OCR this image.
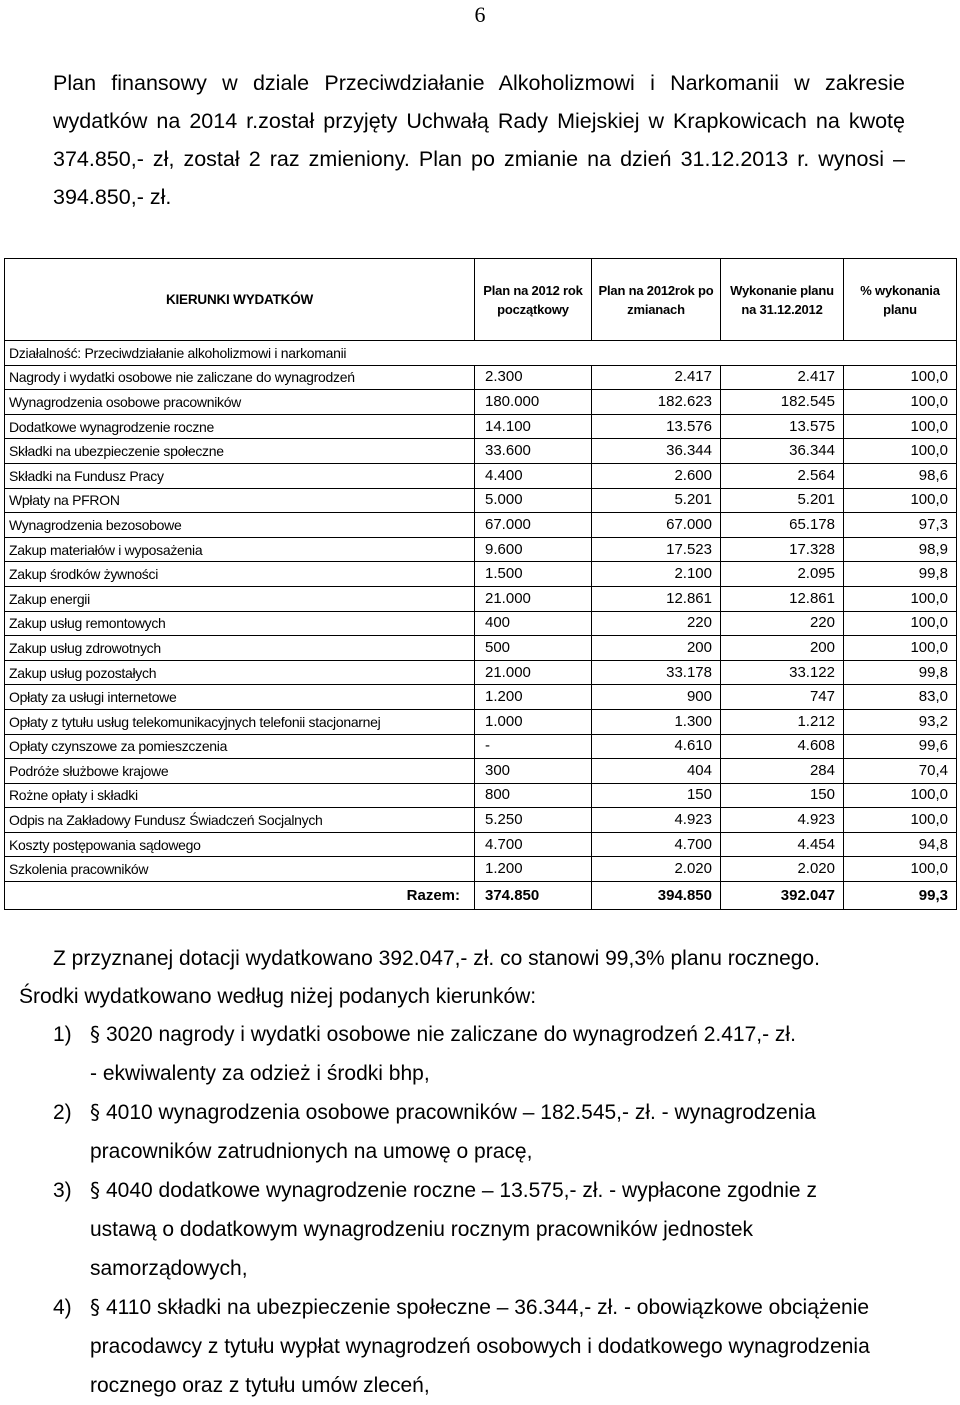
6
Plan finansowy w dziale Przeciwdziałanie Alkoholizmowi i Narkomanii w zakresie wydatków na 2014 r.został przyjęty Uchwałą Rady Miejskiej w Krapkowicach na kwotę 374.850,- zł, został 2 raz zmieniony. Plan po zmianie na dzień 31.12.2013 r. wynosi – 394.850,- zł.
KIERUNKI WYDATKÓW	Plan na 2012 rok początkowy	Plan na 2012rok po zmianach	Wykonanie planu na 31.12.2012	% wykonania planu
Działalność: Przeciwdziałanie alkoholizmowi i narkomanii				
Nagrody i wydatki osobowe nie zaliczane do wynagrodzeń	2.300	2.417	2.417	100,0
Wynagrodzenia osobowe pracowników	180.000	182.623	182.545	100,0
Dodatkowe wynagrodzenie roczne	14.100	13.576	13.575	100,0
Składki na ubezpieczenie społeczne	33.600	36.344	36.344	100,0
Składki na Fundusz Pracy	4.400	2.600	2.564	98,6
Wpłaty na PFRON	5.000	5.201	5.201	100,0
Wynagrodzenia bezosobowe	67.000	67.000	65.178	97,3
Zakup materiałów i wyposażenia	9.600	17.523	17.328	98,9
Zakup środków żywności	1.500	2.100	2.095	99,8
Zakup energii	21.000	12.861	12.861	100,0
Zakup usług remontowych	400	220	220	100,0
Zakup usług zdrowotnych	500	200	200	100,0
Zakup usług pozostałych	21.000	33.178	33.122	99,8
Opłaty za usługi internetowe	1.200	900	747	83,0
Opłaty z tytułu usług telekomunikacyjnych telefonii stacjonarnej	1.000	1.300	1.212	93,2
Opłaty czynszowe za pomieszczenia	-	4.610	4.608	99,6
Podróże służbowe krajowe	300	404	284	70,4
Rożne opłaty i składki	800	150	150	100,0
Odpis na Zakładowy Fundusz Świadczeń Socjalnych	5.250	4.923	4.923	100,0
Koszty postępowania sądowego	4.700	4.700	4.454	94,8
Szkolenia pracowników	1.200	2.020	2.020	100,0
Razem:	374.850	394.850	392.047	99,3
Z przyznanej dotacji wydatkowano 392.047,- zł. co stanowi 99,3% planu rocznego.
Środki wydatkowano według niżej podanych kierunków:
1) § 3020 nagrody i wydatki osobowe nie zaliczane do wynagrodzeń 2.417,- zł.
- ekwiwalenty za odzież i środki bhp,
2) § 4010 wynagrodzenia osobowe pracowników – 182.545,- zł. - wynagrodzenia
pracowników zatrudnionych na umowę o pracę,
3) § 4040 dodatkowe wynagrodzenie roczne – 13.575,- zł. - wypłacone zgodnie z
ustawą o dodatkowym wynagrodzeniu rocznym pracowników jednostek
samorządowych,
4) § 4110 składki na ubezpieczenie społeczne – 36.344,- zł. - obowiązkowe obciążenie
pracodawcy z tytułu wypłat wynagrodzeń osobowych i dodatkowego wynagrodzenia
rocznego oraz z tytułu umów zleceń,
